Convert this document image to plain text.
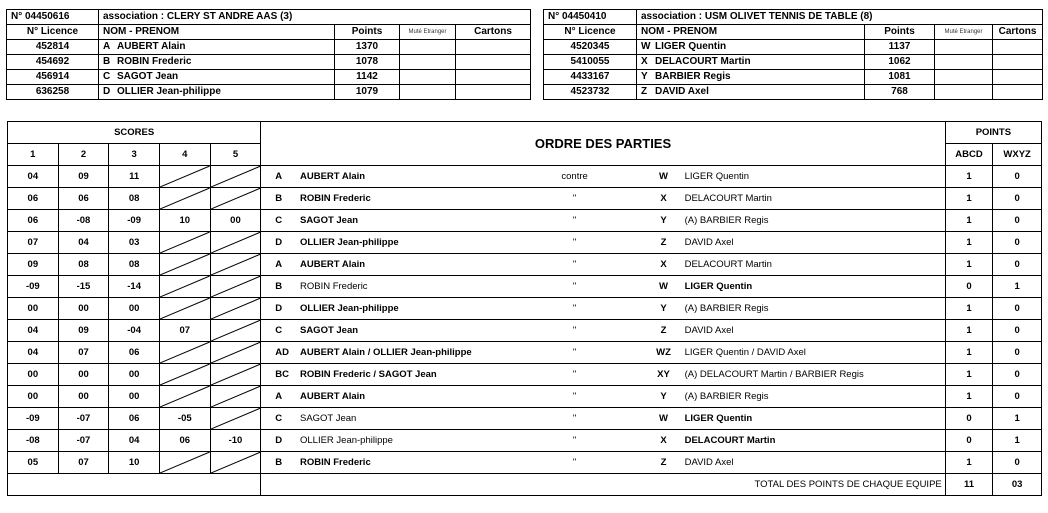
N° 04450616	association : CLERY ST ANDRE AAS (3)			
N° Licence	NOM - PRENOM	Points	Muté Etranger	Cartons
452814	A AUBERT Alain	1370		
454692	B ROBIN Frederic	1078		
456914	C SAGOT Jean	1142		
636258	D OLLIER Jean-philippe	1079		
N° 04450410	association : USM OLIVET TENNIS DE TABLE (8)			
N° Licence	NOM - PRENOM	Points	Muté Etranger	Cartons
4520345	W LIGER Quentin	1137		
5410055	X DELACOURT Martin	1062		
4433167	Y BARBIER Regis	1081		
4523732	Z DAVID Axel	768		
SCORES					ORDRE DES PARTIES					POINTS	
1	2	3	4	5						ABCD	WXYZ
04	09	11			A	AUBERT Alain	contre	W	LIGER Quentin	1	0
06	06	08			B	ROBIN Frederic	"	X	DELACOURT Martin	1	0
06	-08	-09	10	00	C	SAGOT Jean	"	Y	(A) BARBIER Regis	1	0
07	04	03			D	OLLIER Jean-philippe	"	Z	DAVID Axel	1	0
09	08	08			A	AUBERT Alain	"	X	DELACOURT Martin	1	0
-09	-15	-14			B	ROBIN Frederic	"	W	LIGER Quentin	0	1
00	00	00			D	OLLIER Jean-philippe	"	Y	(A) BARBIER Regis	1	0
04	09	-04	07		C	SAGOT Jean	"	Z	DAVID Axel	1	0
04	07	06			AD	AUBERT Alain / OLLIER Jean-philippe	"	WZ	LIGER Quentin / DAVID Axel	1	0
00	00	00			BC	ROBIN Frederic / SAGOT Jean	"	XY	(A) DELACOURT Martin / BARBIER Regis	1	0
00	00	00			A	AUBERT Alain	"	Y	(A) BARBIER Regis	1	0
-09	-07	06	-05		C	SAGOT Jean	"	W	LIGER Quentin	0	1
-08	-07	04	06	-10	D	OLLIER Jean-philippe	"	X	DELACOURT Martin	0	1
05	07	10			B	ROBIN Frederic	"	Z	DAVID Axel	1	0
					TOTAL DES POINTS DE CHAQUE EQUIPE					11	03
